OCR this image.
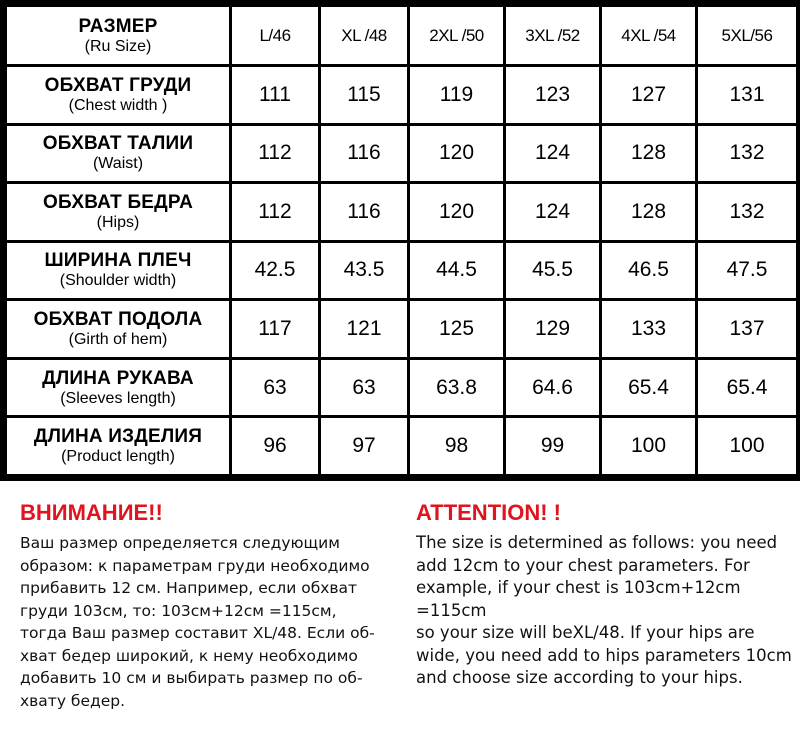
РАЗМЕР
(Ru Size)	L/46	XL /48	2XL /50	3XL /52	4XL /54	5XL/56

ОБХВАТ ГРУДИ
(Chest width )	111	115	119	123	127	131

ОБХВАТ ТАЛИИ
(Waist)	112	116	120	124	128	132

ОБХВАТ БЕДРА
(Hips)	112	116	120	124	128	132

ШИРИНА ПЛЕЧ
(Shoulder width)	42.5	43.5	44.5	45.5	46.5	47.5

ОБХВАТ ПОДОЛА
(Girth of hem)	117	121	125	129	133	137

ДЛИНА РУКАВА
(Sleeves length)	63	63	63.8	64.6	65.4	65.4

ДЛИНА ИЗДЕЛИЯ
(Product length)	96	97	98	99	100	100
ВНИМАНИЕ!!

Ваш размер определяется следующим
образом: к параметрам груди необходимо
прибавить 12 см. Например, если обхват
груди 103см, то: 103см+12см =115см,
тогда Ваш размер составит XL/48. Если об-
хват бедер широкий, к нему необходимо
добавить 10 см и выбирать размер по об-
хвату бедер.

ATTENTION! !

The size is determined as follows: you need
add 12cm to your chest parameters. For
example, if your chest is 103cm+12cm =115cm
so your size will beXL/48. If your hips are
wide, you need add to hips parameters 10cm
and choose size according to your hips.
